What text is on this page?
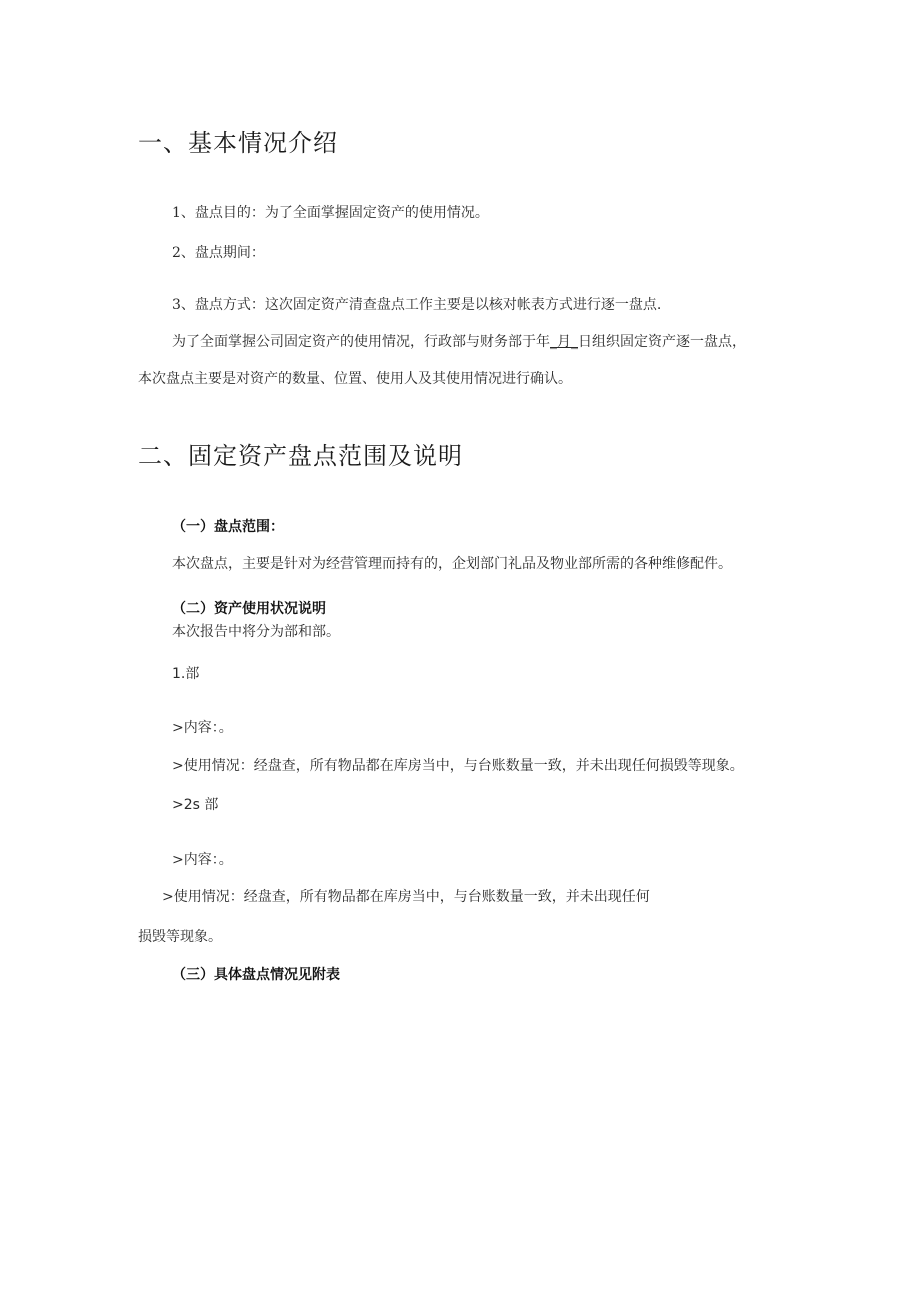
一、基本情况介绍
1、盘点目的：为了全面掌握固定资产的使用情况。
2、盘点期间：
3、盘点方式：这次固定资产清查盘点工作主要是以核对帐表方式进行逐一盘点.
为了全面掌握公司固定资产的使用情况，行政部与财务部于年_月_日组织固定资产逐一盘点，
本次盘点主要是对资产的数量、位置、使用人及其使用情况进行确认。
二、固定资产盘点范围及说明
（一）盘点范围：
本次盘点，主要是针对为经营管理而持有的，企划部门礼品及物业部所需的各种维修配件。
（二）资产使用状况说明
本次报告中将分为部和部。
1.部
>内容：。
>使用情况：经盘查，所有物品都在库房当中，与台账数量一致，并未出现任何损毁等现象。
>2s 部
>内容：。
>使用情况：经盘查，所有物品都在库房当中，与台账数量一致，并未出现任何
损毁等现象。
（三）具体盘点情况见附表
